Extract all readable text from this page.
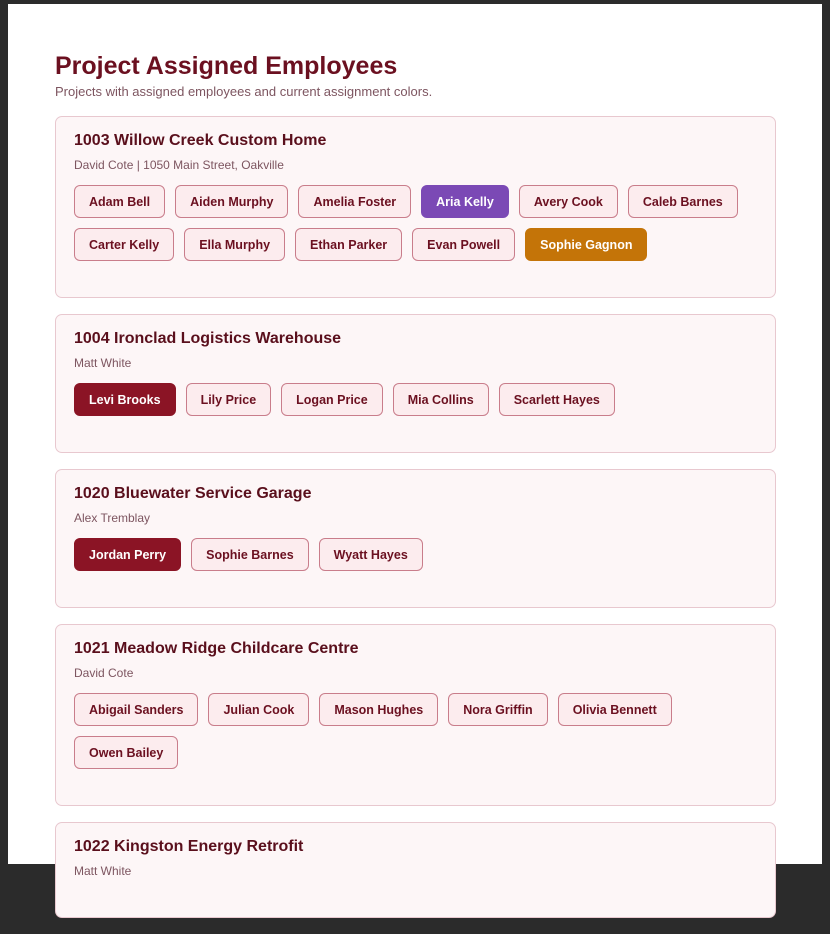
Project Assigned Employees

Projects with assigned employees and current assignment colors.

1003 Willow Creek Custom Home

David Cote | 1050 Main Street, Oakville

Adam Bell	Aiden Murphy	Amelia Foster	Aria Kelly	Avery Cook	Caleb Barnes
Carter Kelly	Ella Murphy	Ethan Parker	Evan Powell	Sophie Gagnon
1004 Ironclad Logistics Warehouse

Matt White

Levi Brooks	Lily Price	Logan Price	Mia Collins	Scarlett Hayes
1020 Bluewater Service Garage

Alex Tremblay

Jordan Perry	Sophie Barnes	Wyatt Hayes
1021 Meadow Ridge Childcare Centre

David Cote

Abigail Sanders	Julian Cook	Mason Hughes	Nora Griffin	Olivia Bennett
Owen Bailey
1022 Kingston Energy Retrofit

Matt White
